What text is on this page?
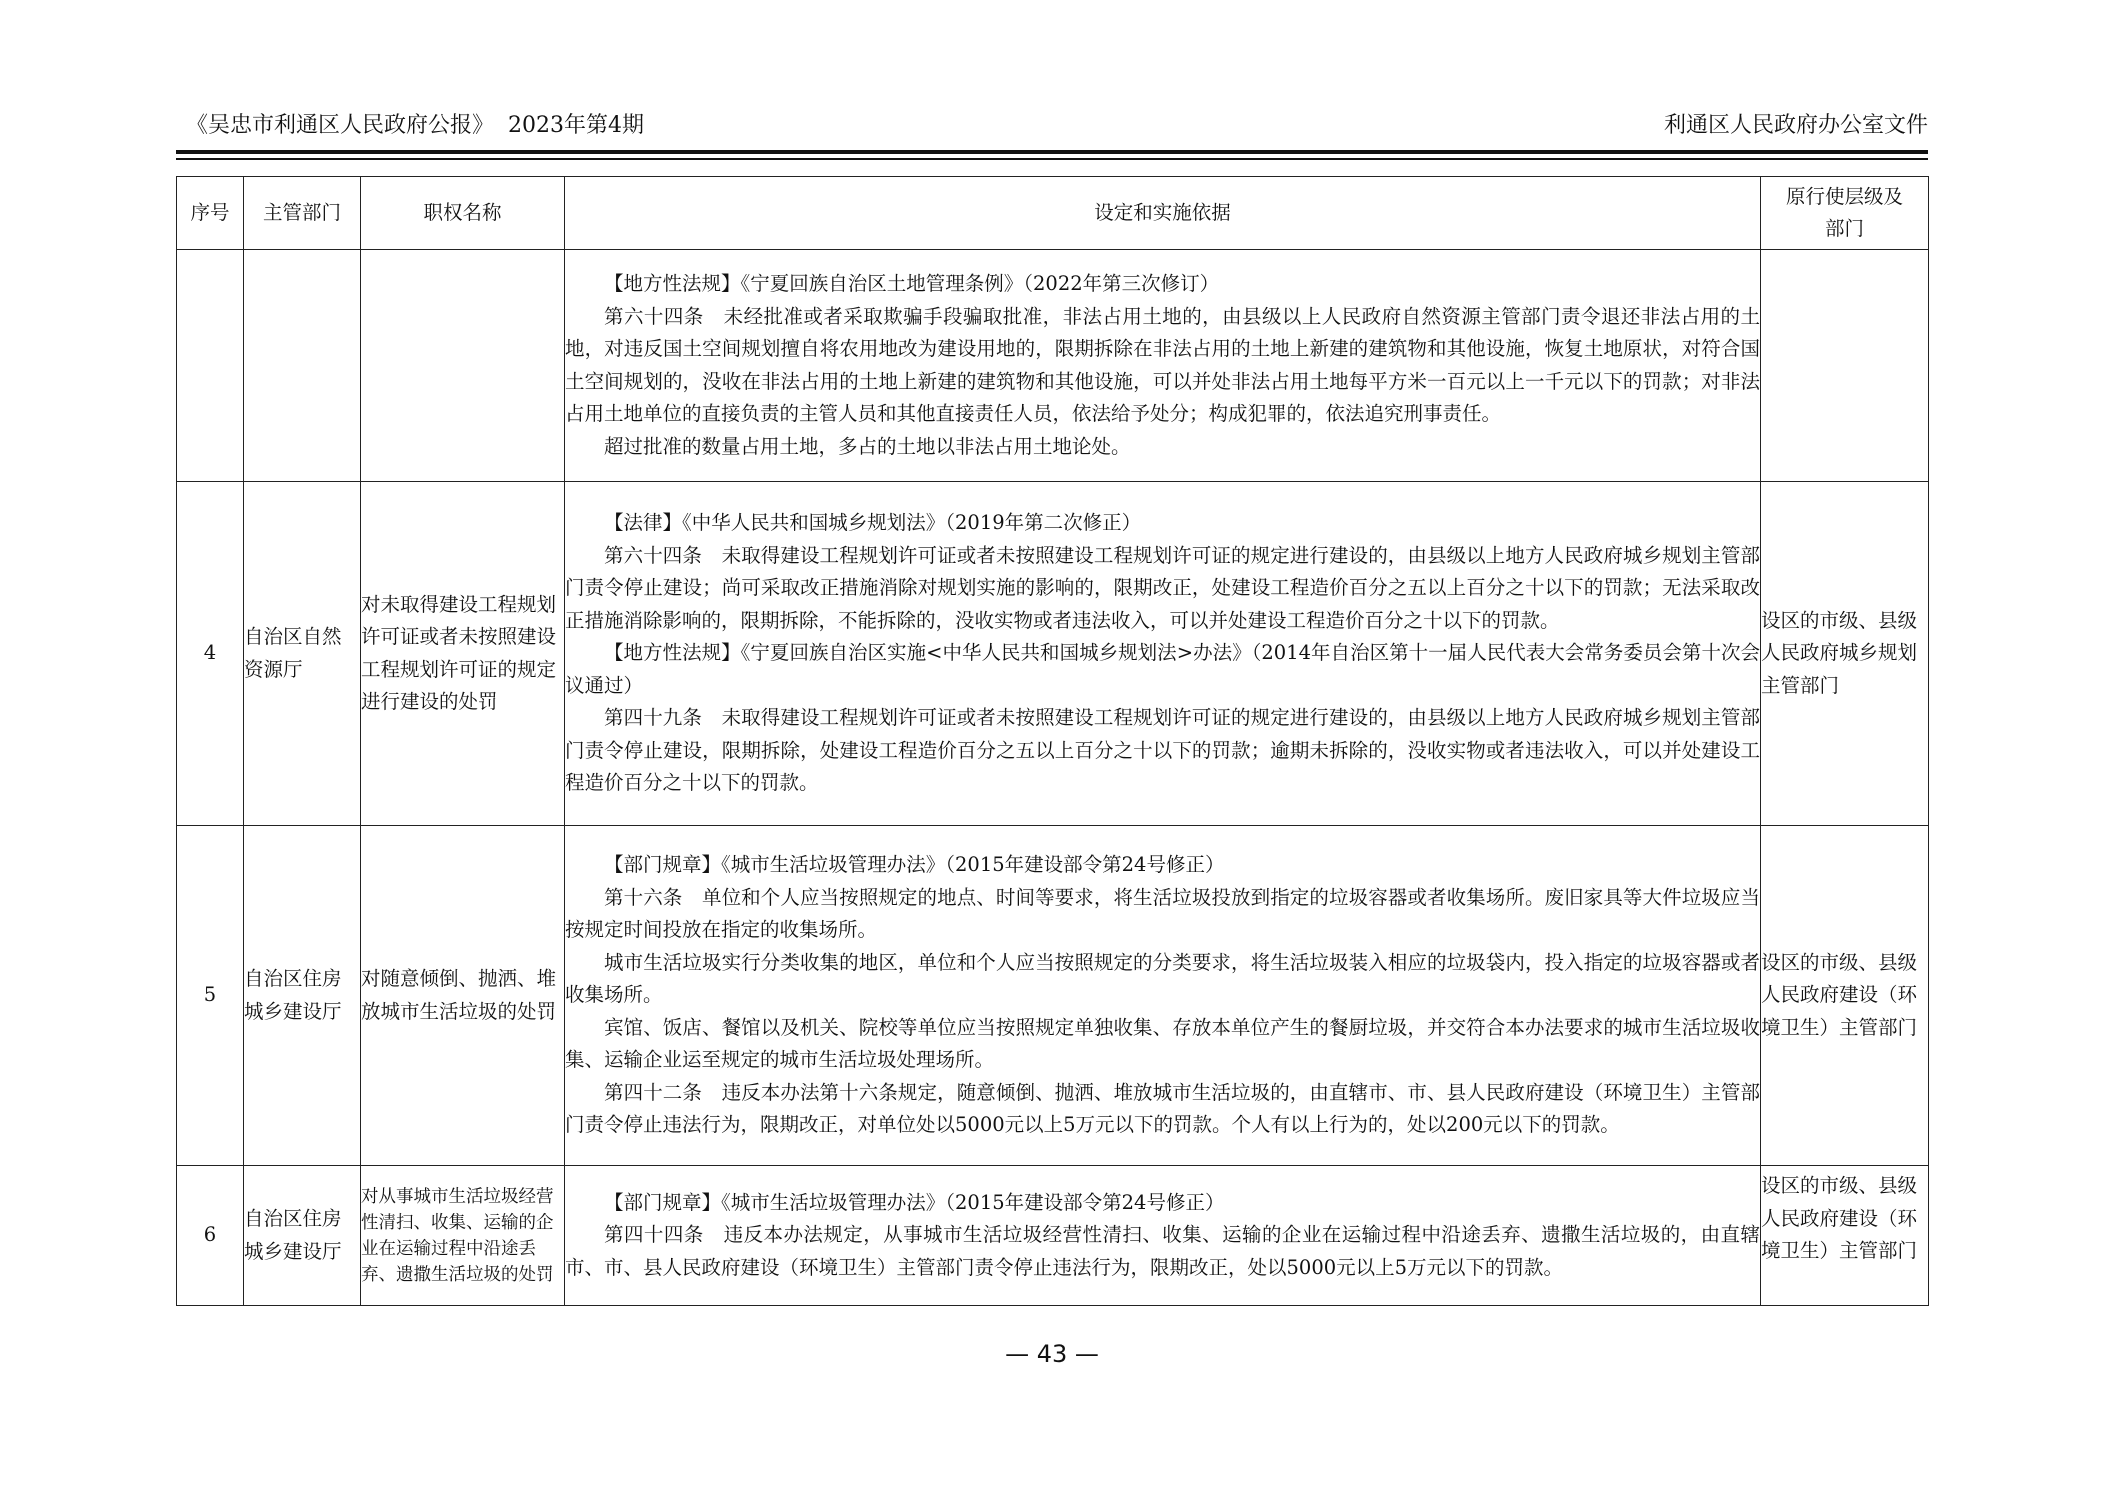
《吴忠市利通区人民政府公报》  2023年第4期	利通区人民政府办公室文件
序号	主管部门	职权名称	设定和实施依据	原行使层级及部门

			【地方性法规】《宁夏回族自治区土地管理条例》（2022年第三次修订）

第六十四条　未经批准或者采取欺骗手段骗取批准，非法占用土地的，由县级以上人民政府自然资源主管部门责令退还非法占用的土地，对违反国土空间规划擅自将农用地改为建设用地的，限期拆除在非法占用的土地上新建的建筑物和其他设施，恢复土地原状，对符合国土空间规划的，没收在非法占用的土地上新建的建筑物和其他设施，可以并处非法占用土地每平方米一百元以上一千元以下的罚款；对非法占用土地单位的直接负责的主管人员和其他直接责任人员，依法给予处分；构成犯罪的，依法追究刑事责任。

超过批准的数量占用土地，多占的土地以非法占用土地论处。	

4	自治区自然资源厅	对未取得建设工程规划许可证或者未按照建设工程规划许可证的规定进行建设的处罚	【法律】《中华人民共和国城乡规划法》（2019年第二次修正）

第六十四条　未取得建设工程规划许可证或者未按照建设工程规划许可证的规定进行建设的，由县级以上地方人民政府城乡规划主管部门责令停止建设；尚可采取改正措施消除对规划实施的影响的，限期改正，处建设工程造价百分之五以上百分之十以下的罚款；无法采取改正措施消除影响的，限期拆除，不能拆除的，没收实物或者违法收入，可以并处建设工程造价百分之十以下的罚款。

【地方性法规】《宁夏回族自治区实施<中华人民共和国城乡规划法>办法》（2014年自治区第十一届人民代表大会常务委员会第十次会议通过）

第四十九条　未取得建设工程规划许可证或者未按照建设工程规划许可证的规定进行建设的，由县级以上地方人民政府城乡规划主管部门责令停止建设，限期拆除，处建设工程造价百分之五以上百分之十以下的罚款；逾期未拆除的，没收实物或者违法收入，可以并处建设工程造价百分之十以下的罚款。	设区的市级、县级人民政府城乡规划主管部门
5	自治区住房城乡建设厅	对随意倾倒、抛洒、堆放城市生活垃圾的处罚	【部门规章】《城市生活垃圾管理办法》（2015年建设部令第24号修正）

第十六条　单位和个人应当按照规定的地点、时间等要求，将生活垃圾投放到指定的垃圾容器或者收集场所。废旧家具等大件垃圾应当按规定时间投放在指定的收集场所。

城市生活垃圾实行分类收集的地区，单位和个人应当按照规定的分类要求，将生活垃圾装入相应的垃圾袋内，投入指定的垃圾容器或者收集场所。

宾馆、饭店、餐馆以及机关、院校等单位应当按照规定单独收集、存放本单位产生的餐厨垃圾，并交符合本办法要求的城市生活垃圾收集、运输企业运至规定的城市生活垃圾处理场所。

第四十二条　违反本办法第十六条规定，随意倾倒、抛洒、堆放城市生活垃圾的，由直辖市、市、县人民政府建设（环境卫生）主管部门责令停止违法行为，限期改正，对单位处以5000元以上5万元以下的罚款。个人有以上行为的，处以200元以下的罚款。	设区的市级、县级人民政府建设（环境卫生）主管部门
6	自治区住房城乡建设厅	对从事城市生活垃圾经营性清扫、收集、运输的企业在运输过程中沿途丢弃、遗撒生活垃圾的处罚	【部门规章】《城市生活垃圾管理办法》（2015年建设部令第24号修正）

第四十四条　违反本办法规定，从事城市生活垃圾经营性清扫、收集、运输的企业在运输过程中沿途丢弃、遗撒生活垃圾的，由直辖市、市、县人民政府建设（环境卫生）主管部门责令停止违法行为，限期改正，处以5000元以上5万元以下的罚款。	设区的市级、县级人民政府建设（环境卫生）主管部门
— 43 —
